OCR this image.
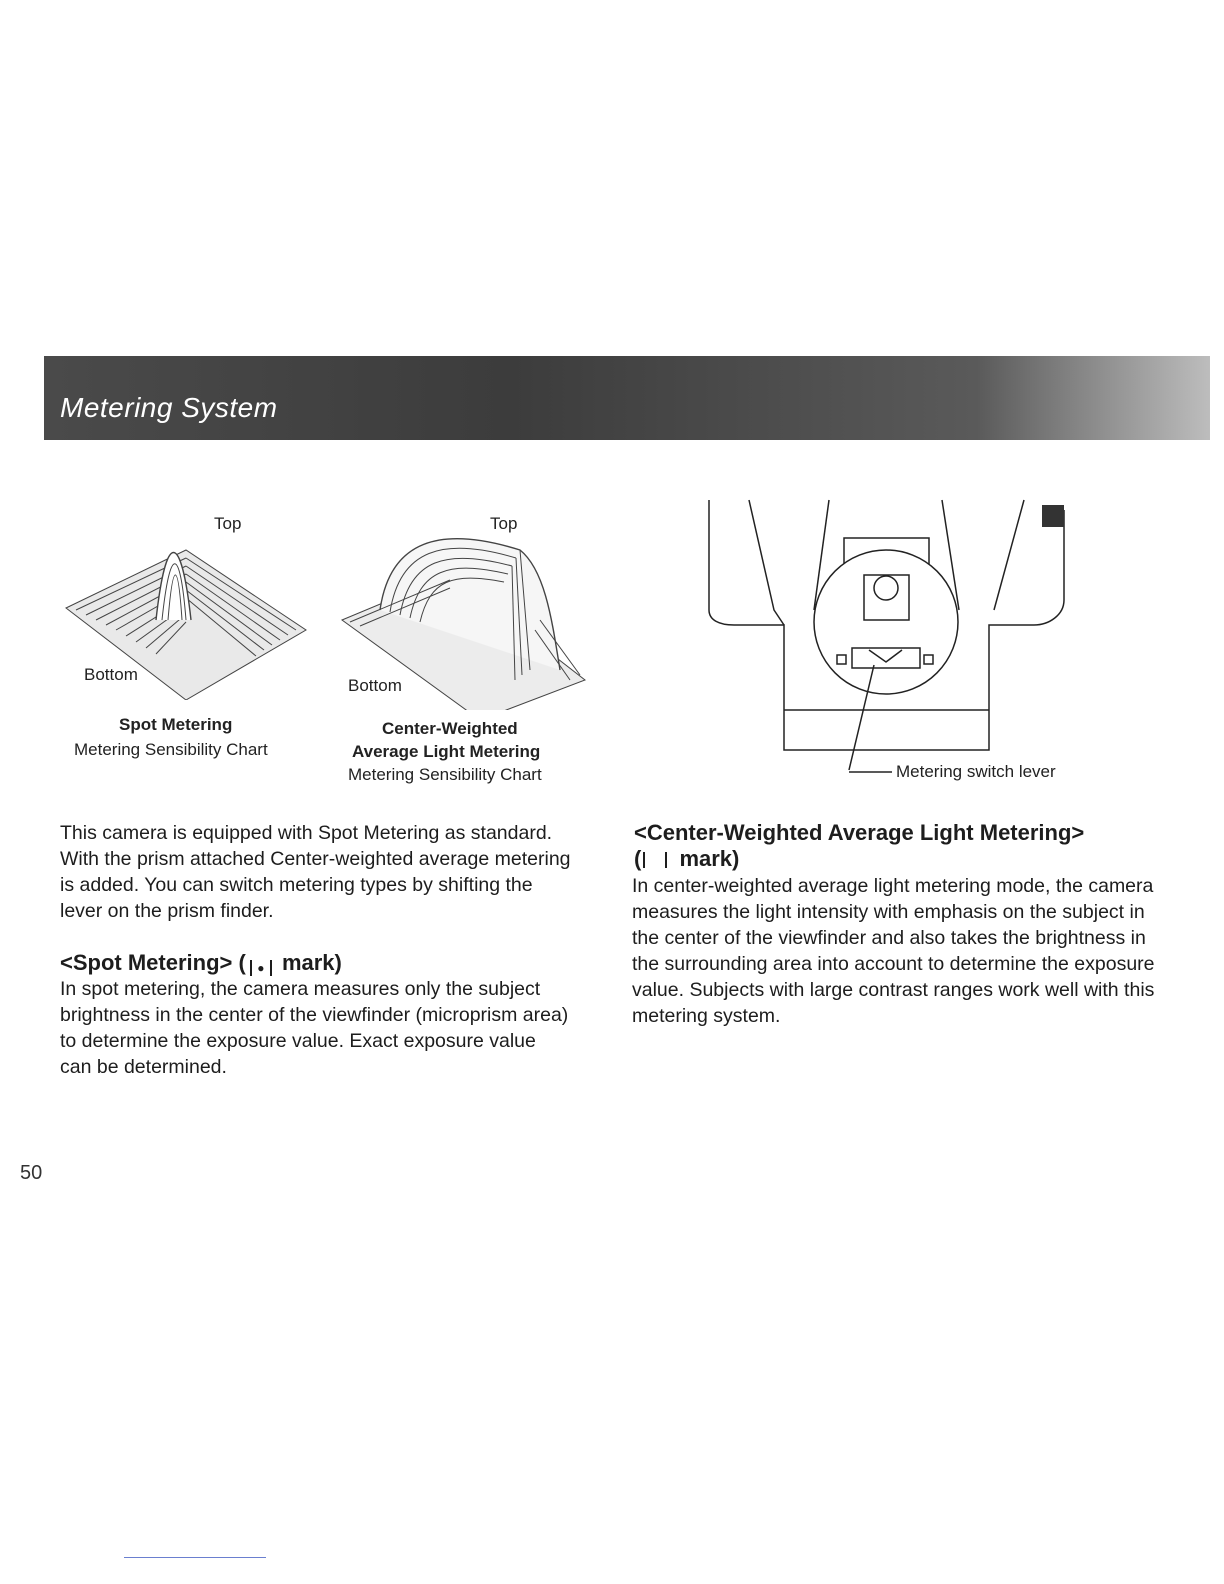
Metering System
Top
Bottom
Spot Metering
Metering Sensibility Chart
Top
Bottom
Center-Weighted
Average Light Metering
Metering Sensibility Chart	Metering switch lever
This camera is equipped with Spot Metering as standard. With the prism attached Center-weighted average metering is added. You can switch metering types by shifting the lever on the prism finder.
<Spot Metering> ( ● mark)
In spot metering, the camera measures only the subject brightness in the center of the viewfinder (microprism area) to determine the exposure value. Exact exposure value can be determined.
<Center-Weighted Average Light Metering>
( mark)
In center-weighted average light metering mode, the camera measures the light intensity with emphasis on the subject in the center of the viewfinder and also takes the brightness in the surrounding area into account to determine the exposure value. Subjects with large contrast ranges work well with this metering system.
50
